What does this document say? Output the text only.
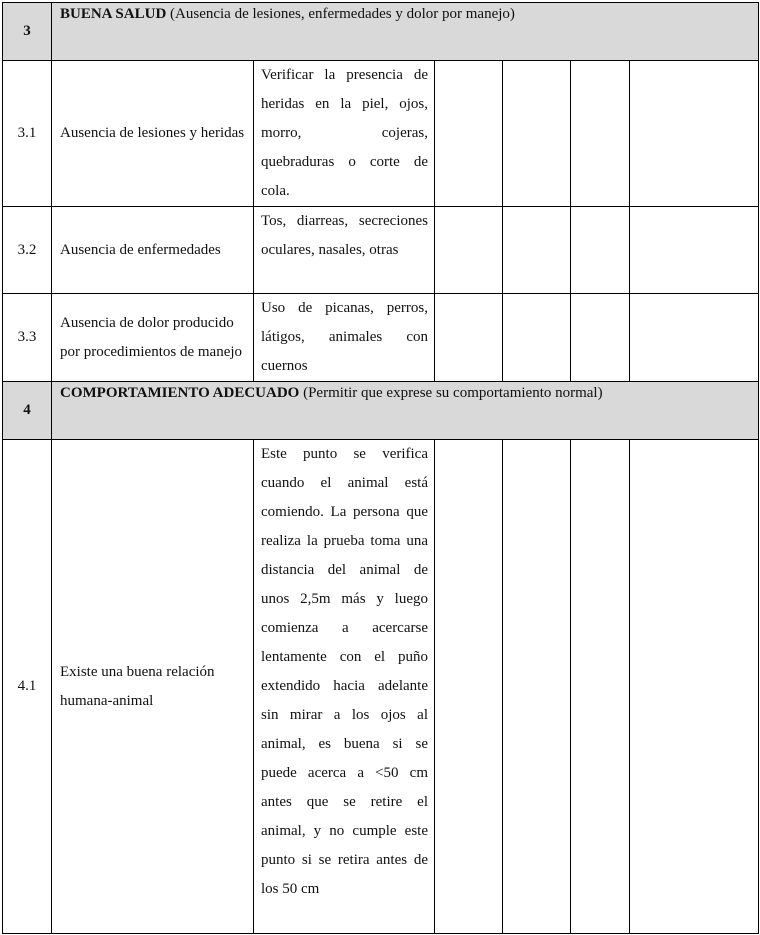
3	BUENA SALUD (Ausencia de lesiones, enfermedades y dolor por manejo)					
3.1	Ausencia de lesiones y heridas	Verificar la presencia de heridas en la piel, ojos, morro, cojeras, quebraduras o corte de cola.				
3.2	Ausencia de enfermedades	Tos, diarreas, secreciones oculares, nasales, otras				
3.3	Ausencia de dolor producido por procedimientos de manejo	Uso de picanas, perros, látigos, animales con cuernos				
4	COMPORTAMIENTO ADECUADO (Permitir que exprese su comportamiento normal)					
4.1	Existe una buena relación humana-animal	Este punto se verifica cuando el animal está comiendo. La persona que realiza la prueba toma una distancia del animal de unos 2,5m más y luego comienza a acercarse lentamente con el puño extendido hacia adelante sin mirar a los ojos al animal, es buena si se puede acerca a <50 cm antes que se retire el animal, y no cumple este punto si se retira antes de los 50 cm				
